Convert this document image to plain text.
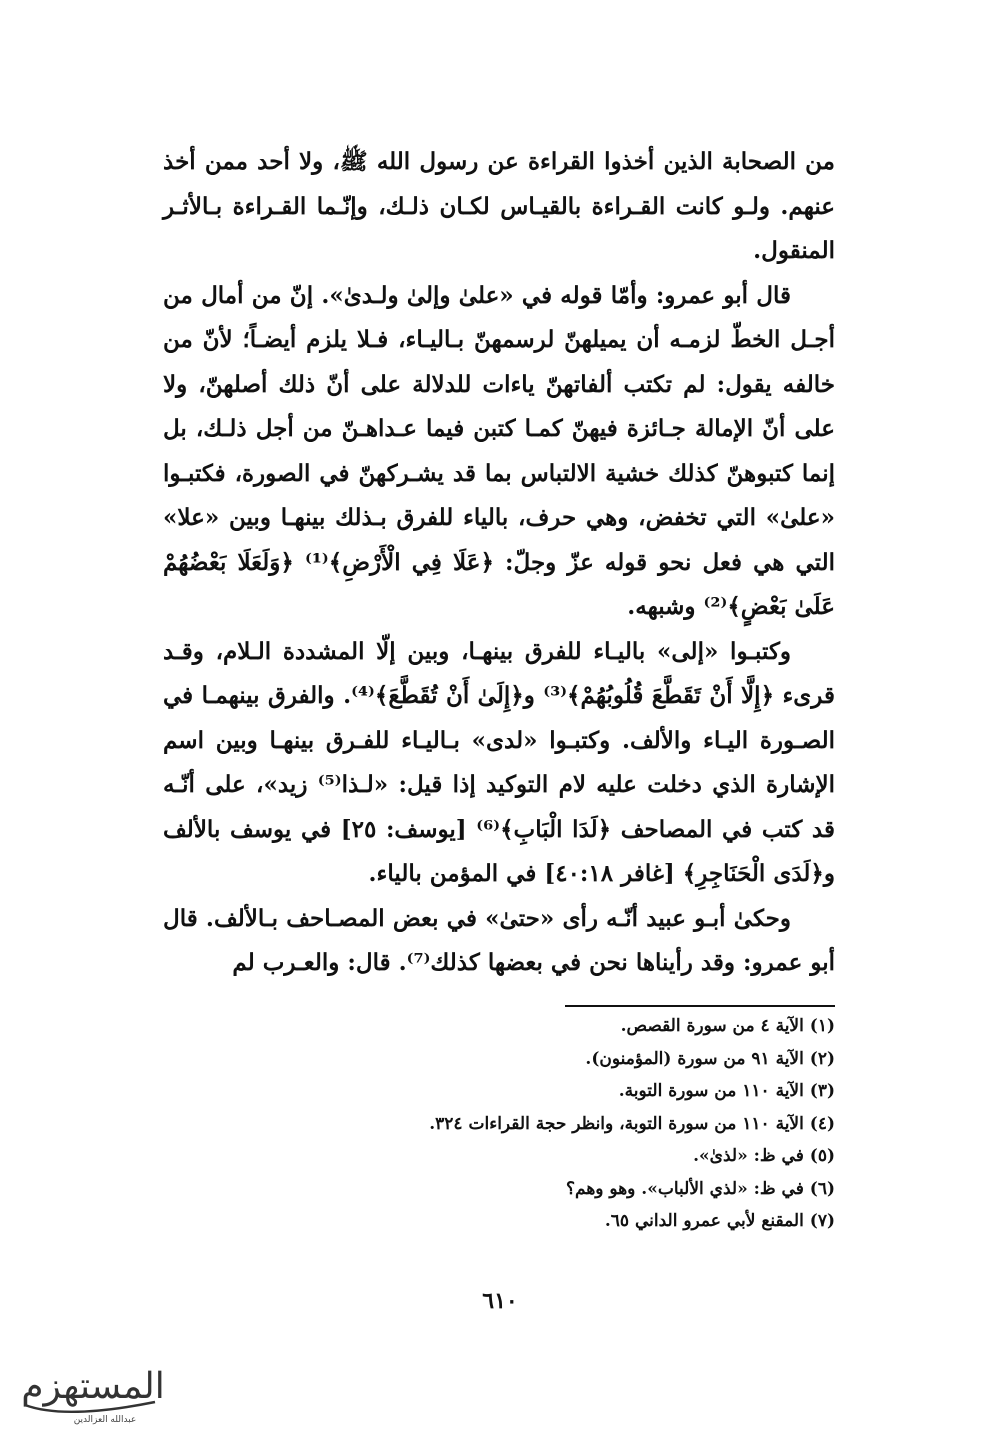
من الصحابة الذين أخذوا القراءة عن رسول الله ﷺ، ولا أحد ممن أخذ عنهم. ولـو كانت القـراءة بالقيـاس لكـان ذلـك، وإنّـما القـراءة بـالأثـر المنقول.

قال أبو عمرو: وأمّا قوله في «علىٰ وإلىٰ ولـدىٰ». إنّ من أمال من أجـل الخطّ لزمـه أن يميلهنّ لرسمهنّ بـاليـاء، فـلا يلزم أيضـاً؛ لأنّ من خالفه يقول: لم تكتب ألفاتهنّ ياءات للدلالة على أنّ ذلك أصلهنّ، ولا على أنّ الإمالة جـائزة فيهنّ كمـا كتبن فيما عـداهـنّ من أجل ذلـك، بل إنما كتبوهنّ كذلك خشية الالتباس بما قد يشـركهنّ في الصورة، فكتبـوا «علىٰ» التي تخفض، وهي حرف، بالياء للفرق بـذلك بينهـا وبين «علا» التي هي فعل نحو قوله عزّ وجلّ: ﴿عَلَا فِي الْأَرْضِ﴾⁽¹⁾ ﴿وَلَعَلَا بَعْضُهُمْ عَلَىٰ بَعْضٍ﴾⁽²⁾ وشبهه.

وكتبـوا «إلى» باليـاء للفرق بينهـا، وبين إلّا المشددة الـلام، وقـد قرىء ﴿إِلَّا أَنْ تَقَطَّعَ قُلُوبُهُمْ﴾⁽³⁾ و﴿إِلَىٰ أَنْ تُقَطَّعَ﴾⁽⁴⁾. والفرق بينهمـا في الصـورة اليـاء والألف. وكتبـوا «لدى» بـاليـاء للفـرق بينهـا وبين اسم الإشارة الذي دخلت عليه لام التوكيد إذا قيل: «لـذا⁽⁵⁾ زيد»، على أنّـه قد كتب في المصاحف ﴿لَدَا الْبَابِ﴾⁽⁶⁾ [يوسف: ٢٥] في يوسف بالألف و﴿لَدَى الْحَنَاجِرِ﴾ [غافر ٤٠:١٨] في المؤمن بالياء.

وحكىٰ أبـو عبيد أنّـه رأى «حتىٰ» في بعض المصـاحف بـالألف. قال أبو عمرو: وقد رأيناها نحن في بعضها كذلك⁽⁷⁾. قال: والعـرب لم

(١) الآية ٤ من سورة القصص.
(٢) الآية ٩١ من سورة (المؤمنون).
(٣) الآية ١١٠ من سورة التوبة.
(٤) الآية ١١٠ من سورة التوبة، وانظر حجة القراءات ٣٢٤.
(٥) في ظ: «لذىٰ».
(٦) في ظ: «لذي الألباب». وهو وهم؟
(٧) المقنع لأبي عمرو الداني ٦٥.
٦١٠
المستهزم
عبدالله العزالدين
